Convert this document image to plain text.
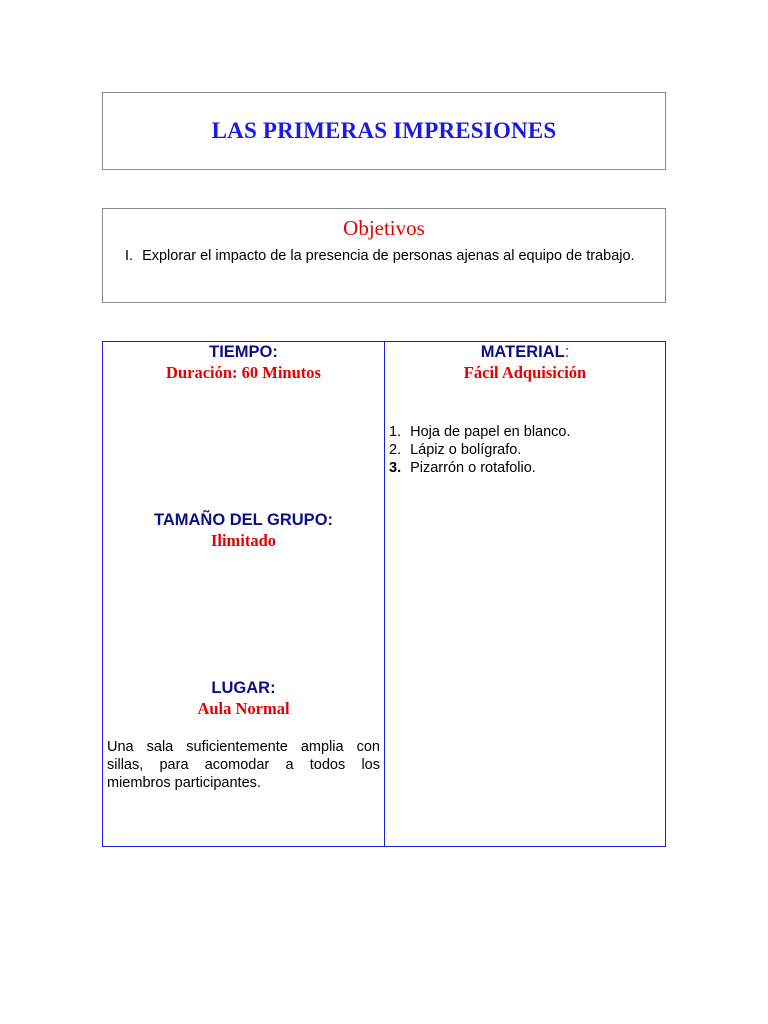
LAS PRIMERAS IMPRESIONES
Objetivos
I. Explorar el impacto de la presencia de personas ajenas al equipo de trabajo.
TIEMPO:
Duración: 60 Minutos
TAMAÑO DEL GRUPO:
Ilimitado
LUGAR:
Aula Normal
Una sala suficientemente amplia con sillas, para acomodar a todos los miembros participantes.
MATERIAL:
Fácil Adquisición
1. Hoja de papel en blanco.
2. Lápiz o bolígrafo.
3. Pizarrón o rotafolio.
